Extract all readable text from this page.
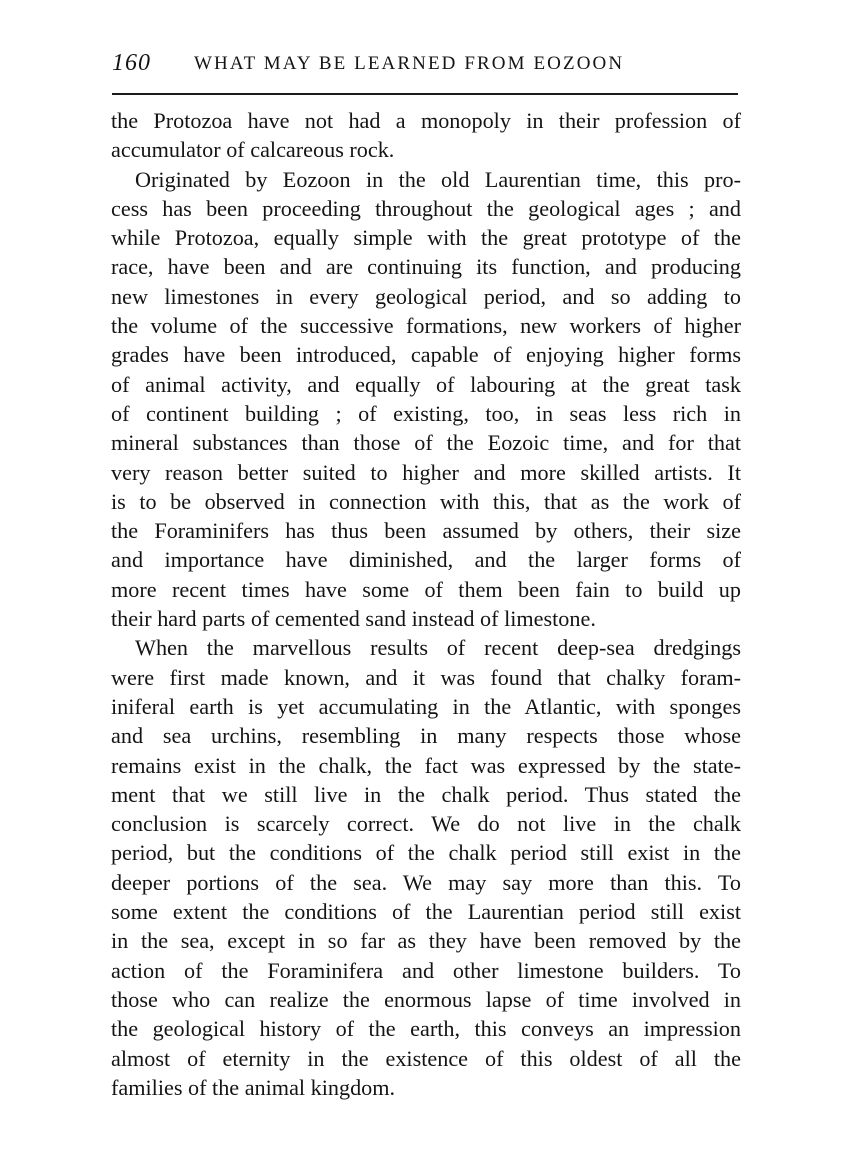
160 WHAT MAY BE LEARNED FROM EOZOON
the Protozoa have not had a monopoly in their profession of
accumulator of calcareous rock.
Originated by Eozoon in the old Laurentian time, this pro-
cess has been proceeding throughout the geological ages ; and
while Protozoa, equally simple with the great prototype of the
race, have been and are continuing its function, and producing
new limestones in every geological period, and so adding to
the volume of the successive formations, new workers of higher
grades have been introduced, capable of enjoying higher forms
of animal activity, and equally of labouring at the great task
of continent building ; of existing, too, in seas less rich in
mineral substances than those of the Eozoic time, and for that
very reason better suited to higher and more skilled artists. It
is to be observed in connection with this, that as the work of
the Foraminifers has thus been assumed by others, their size
and importance have diminished, and the larger forms of
more recent times have some of them been fain to build up
their hard parts of cemented sand instead of limestone.
When the marvellous results of recent deep-sea dredgings
were first made known, and it was found that chalky foram-
iniferal earth is yet accumulating in the Atlantic, with sponges
and sea urchins, resembling in many respects those whose
remains exist in the chalk, the fact was expressed by the state-
ment that we still live in the chalk period. Thus stated the
conclusion is scarcely correct. We do not live in the chalk
period, but the conditions of the chalk period still exist in the
deeper portions of the sea. We may say more than this. To
some extent the conditions of the Laurentian period still exist
in the sea, except in so far as they have been removed by the
action of the Foraminifera and other limestone builders. To
those who can realize the enormous lapse of time involved in
the geological history of the earth, this conveys an impression
almost of eternity in the existence of this oldest of all the
families of the animal kingdom.
